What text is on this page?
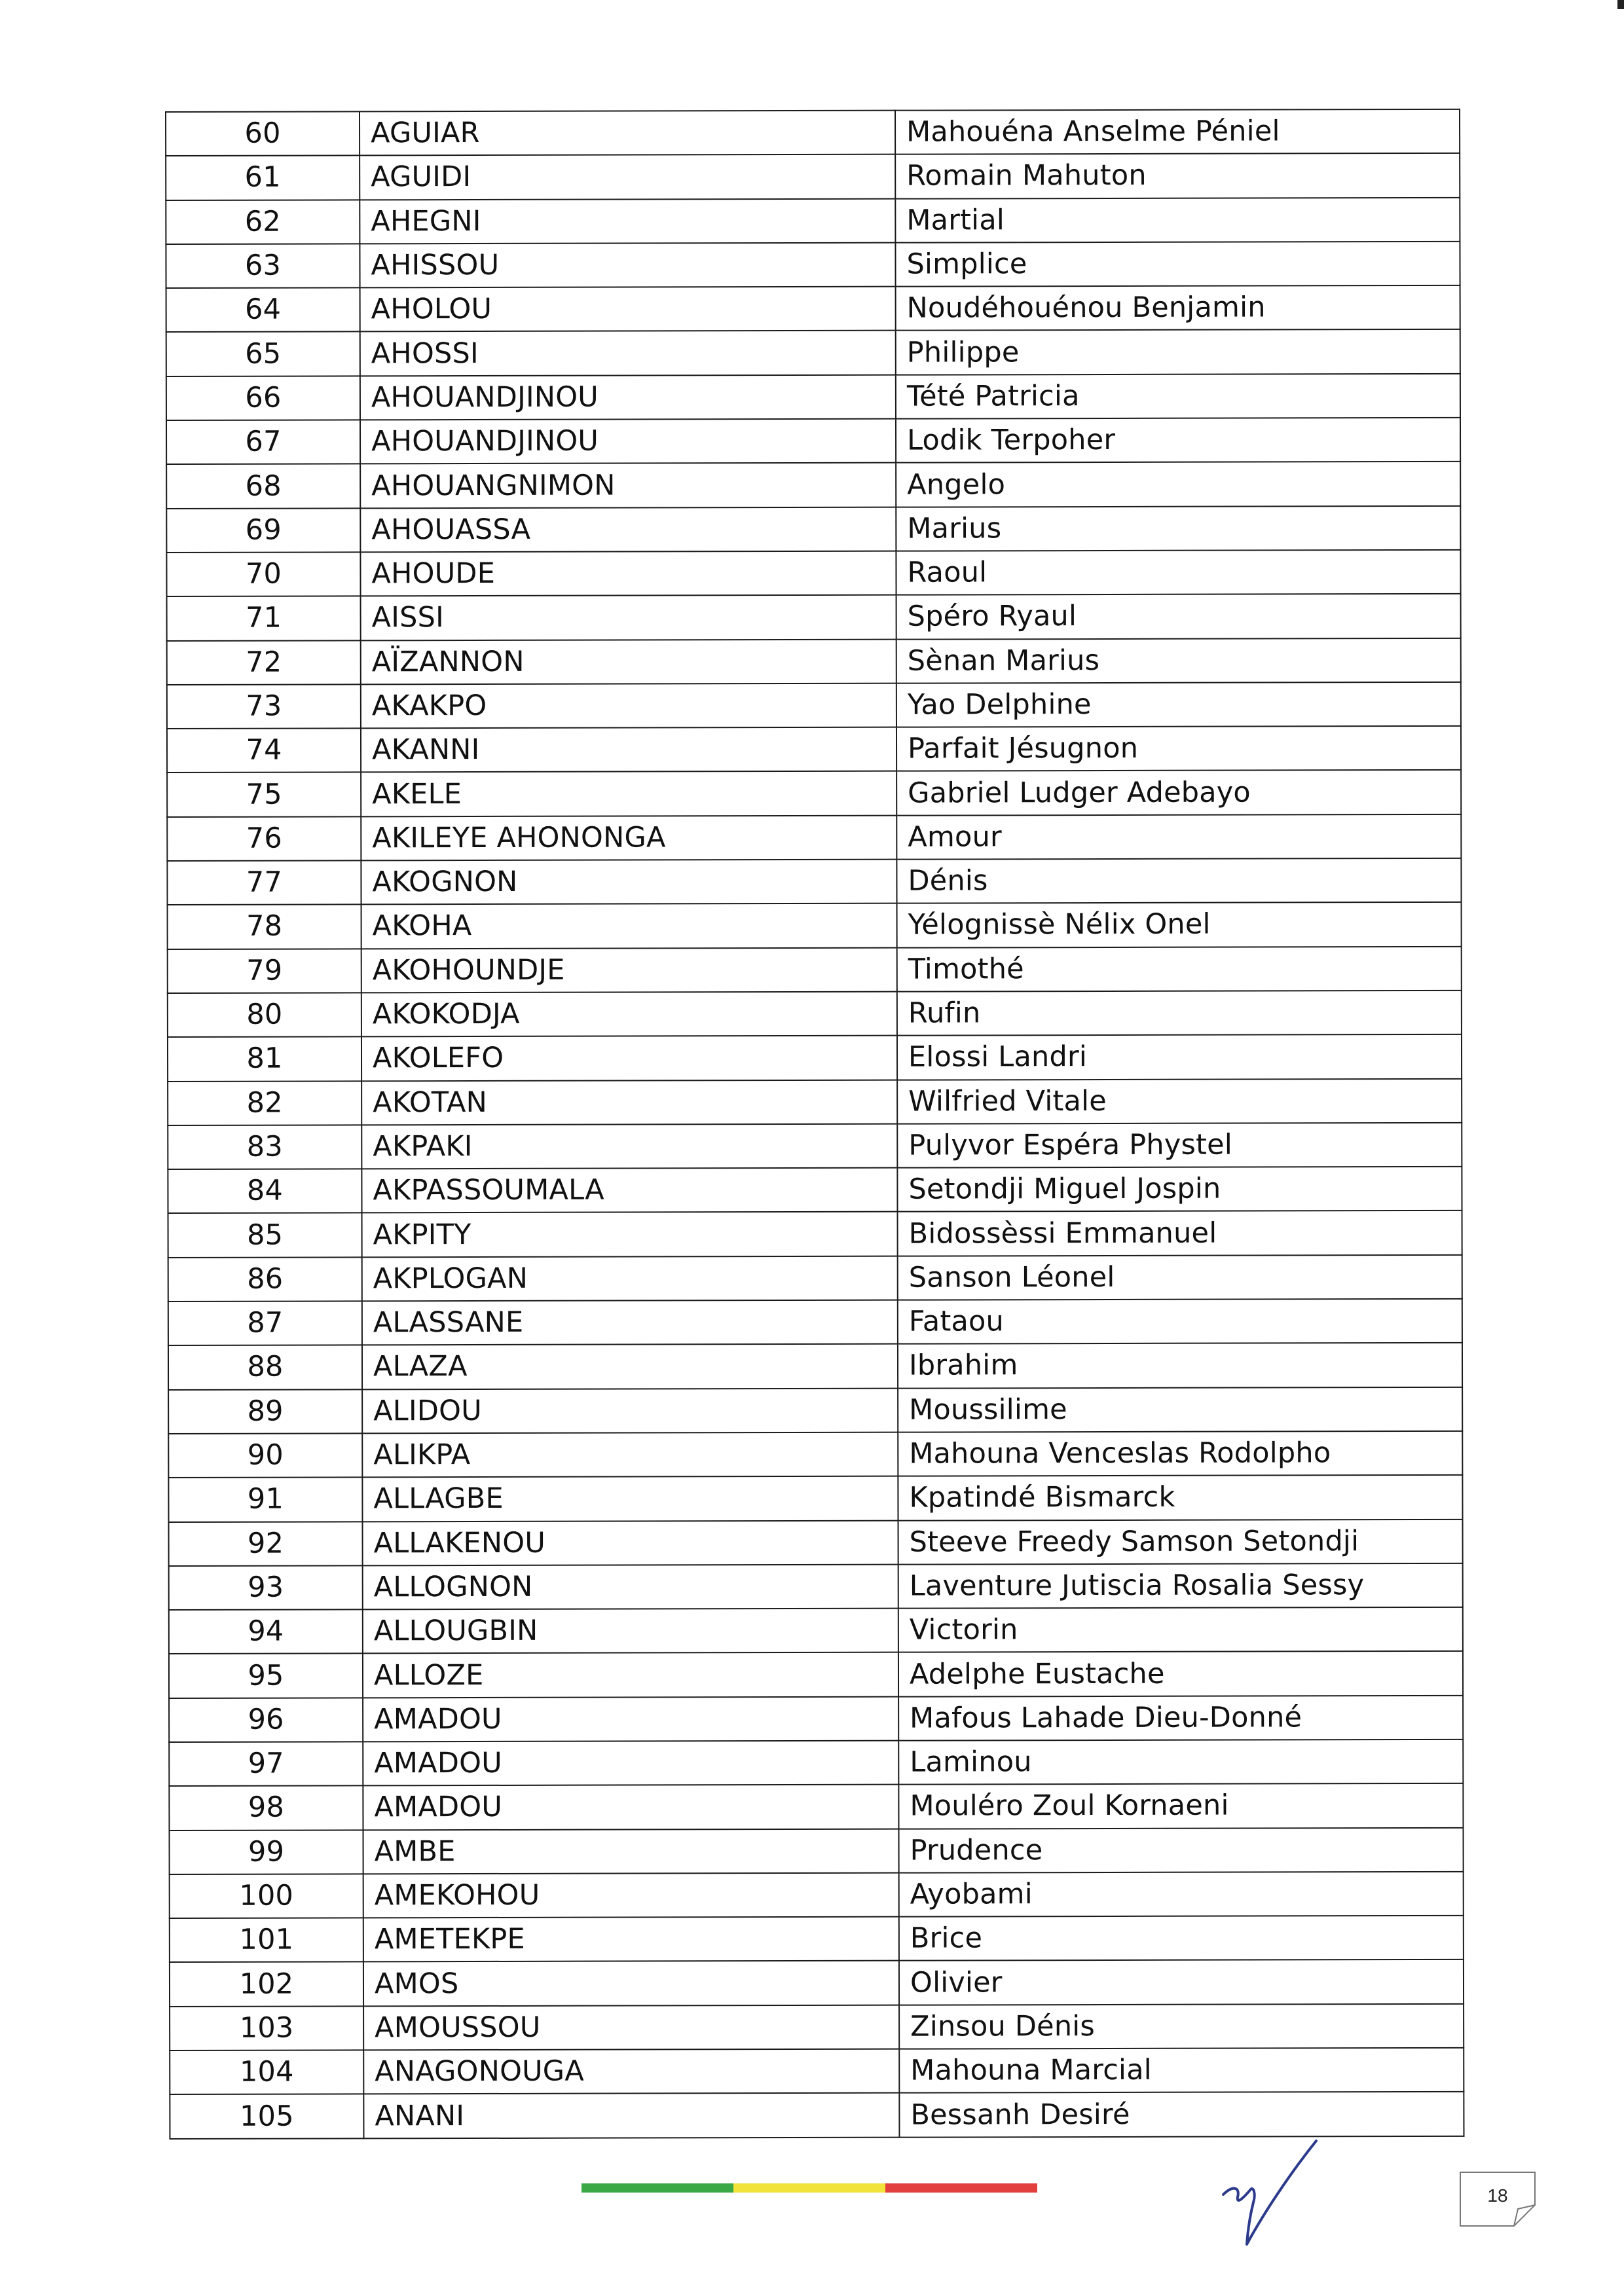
60	AGUIAR	Mahouéna Anselme Péniel
61	AGUIDI	Romain Mahuton
62	AHEGNI	Martial
63	AHISSOU	Simplice
64	AHOLOU	Noudéhouénou Benjamin
65	AHOSSI	Philippe
66	AHOUANDJINOU	Tété Patricia
67	AHOUANDJINOU	Lodik Terpoher
68	AHOUANGNIMON	Angelo
69	AHOUASSA	Marius
70	AHOUDE	Raoul
71	AISSI	Spéro Ryaul
72	AÏZANNON	Sènan Marius
73	AKAKPO	Yao Delphine
74	AKANNI	Parfait Jésugnon
75	AKELE	Gabriel Ludger Adebayo
76	AKILEYE AHONONGA	Amour
77	AKOGNON	Dénis
78	AKOHA	Yélognissè Nélix Onel
79	AKOHOUNDJE	Timothé
80	AKOKODJA	Rufin
81	AKOLEFO	Elossi Landri
82	AKOTAN	Wilfried Vitale
83	AKPAKI	Pulyvor Espéra Phystel
84	AKPASSOUMALA	Setondji Miguel Jospin
85	AKPITY	Bidossèssi Emmanuel
86	AKPLOGAN	Sanson Léonel
87	ALASSANE	Fataou
88	ALAZA	Ibrahim
89	ALIDOU	Moussilime
90	ALIKPA	Mahouna Venceslas Rodolpho
91	ALLAGBE	Kpatindé Bismarck
92	ALLAKENOU	Steeve Freedy Samson Setondji
93	ALLOGNON	Laventure Jutiscia Rosalia Sessy
94	ALLOUGBIN	Victorin
95	ALLOZE	Adelphe Eustache
96	AMADOU	Mafous Lahade Dieu-Donné
97	AMADOU	Laminou
98	AMADOU	Mouléro Zoul Kornaeni
99	AMBE	Prudence
100	AMEKOHOU	Ayobami
101	AMETEKPE	Brice
102	AMOS	Olivier
103	AMOUSSOU	Zinsou Dénis
104	ANAGONOUGA	Mahouna Marcial
105	ANANI	Bessanh Desiré
18
